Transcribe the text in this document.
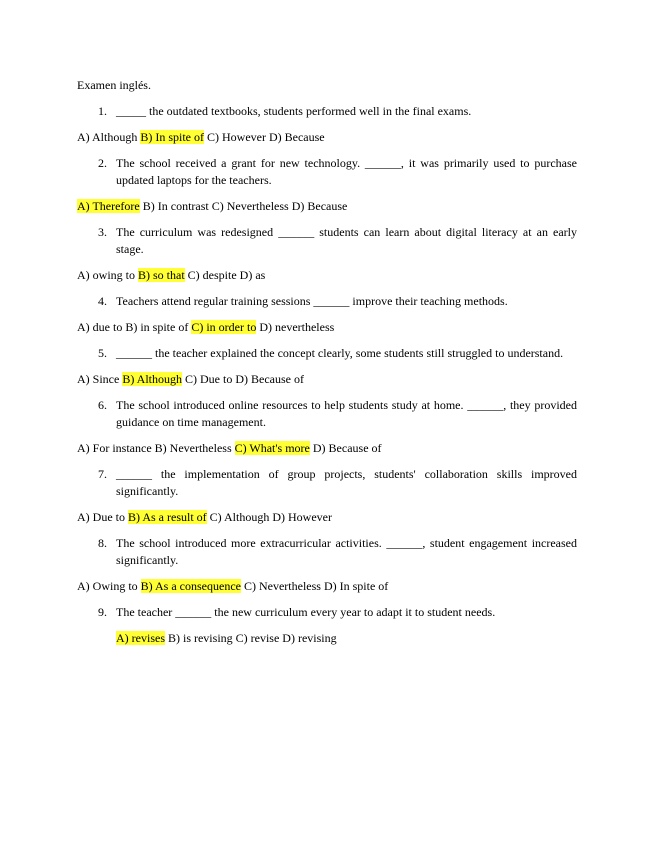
Examen inglés.

1. _____ the outdated textbooks, students performed well in the final exams.

A) Although B) In spite of C) However D) Because

2. The school received a grant for new technology. ______, it was primarily used to purchase updated laptops for the teachers.

A) Therefore B) In contrast C) Nevertheless D) Because

3. The curriculum was redesigned ______ students can learn about digital literacy at an early stage.

A) owing to B) so that C) despite D) as

4. Teachers attend regular training sessions ______ improve their teaching methods.

A) due to B) in spite of C) in order to D) nevertheless

5. ______ the teacher explained the concept clearly, some students still struggled to understand.

A) Since B) Although C) Due to D) Because of

6. The school introduced online resources to help students study at home. ______, they provided guidance on time management.

A) For instance B) Nevertheless C) What's more D) Because of

7. ______ the implementation of group projects, students' collaboration skills improved significantly.

A) Due to B) As a result of C) Although D) However

8. The school introduced more extracurricular activities. ______, student engagement increased significantly.

A) Owing to B) As a consequence C) Nevertheless D) In spite of

9. The teacher ______ the new curriculum every year to adapt it to student needs.

A) revises B) is revising C) revise D) revising
